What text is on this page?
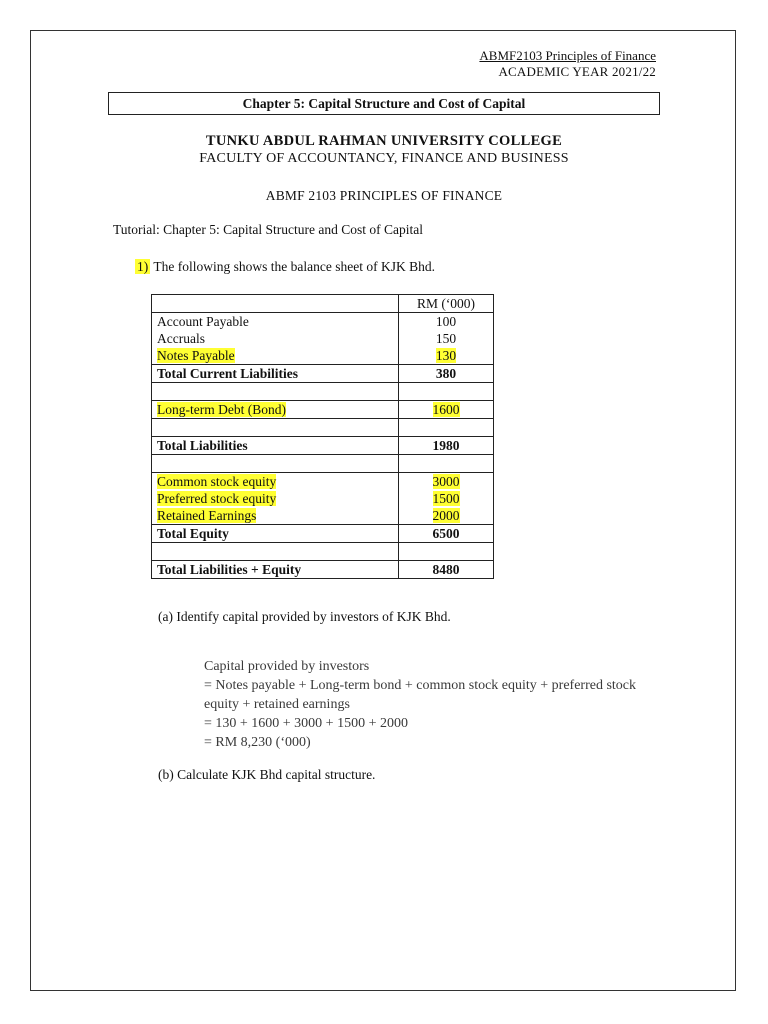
ABMF2103 Principles of Finance
ACADEMIC YEAR 2021/22
Chapter 5: Capital Structure and Cost of Capital
TUNKU ABDUL RAHMAN UNIVERSITY COLLEGE
FACULTY OF ACCOUNTANCY, FINANCE AND BUSINESS
ABMF 2103 PRINCIPLES OF FINANCE
Tutorial: Chapter 5: Capital Structure and Cost of Capital
1) The following shows the balance sheet of KJK Bhd.
	RM (‘000)
Account Payable	100
Accruals	150
Notes Payable	130
Total Current Liabilities	380

Long-term Debt (Bond)	1600

Total Liabilities	1980

Common stock equity	3000
Preferred stock equity	1500
Retained Earnings	2000
Total Equity	6500

Total Liabilities + Equity	8480
(a) Identify capital provided by investors of KJK Bhd.
Capital provided by investors
= Notes payable + Long-term bond + common stock equity + preferred stock
equity + retained earnings
= 130 + 1600 + 3000 + 1500 + 2000
= RM 8,230 (‘000)
(b) Calculate KJK Bhd capital structure.
